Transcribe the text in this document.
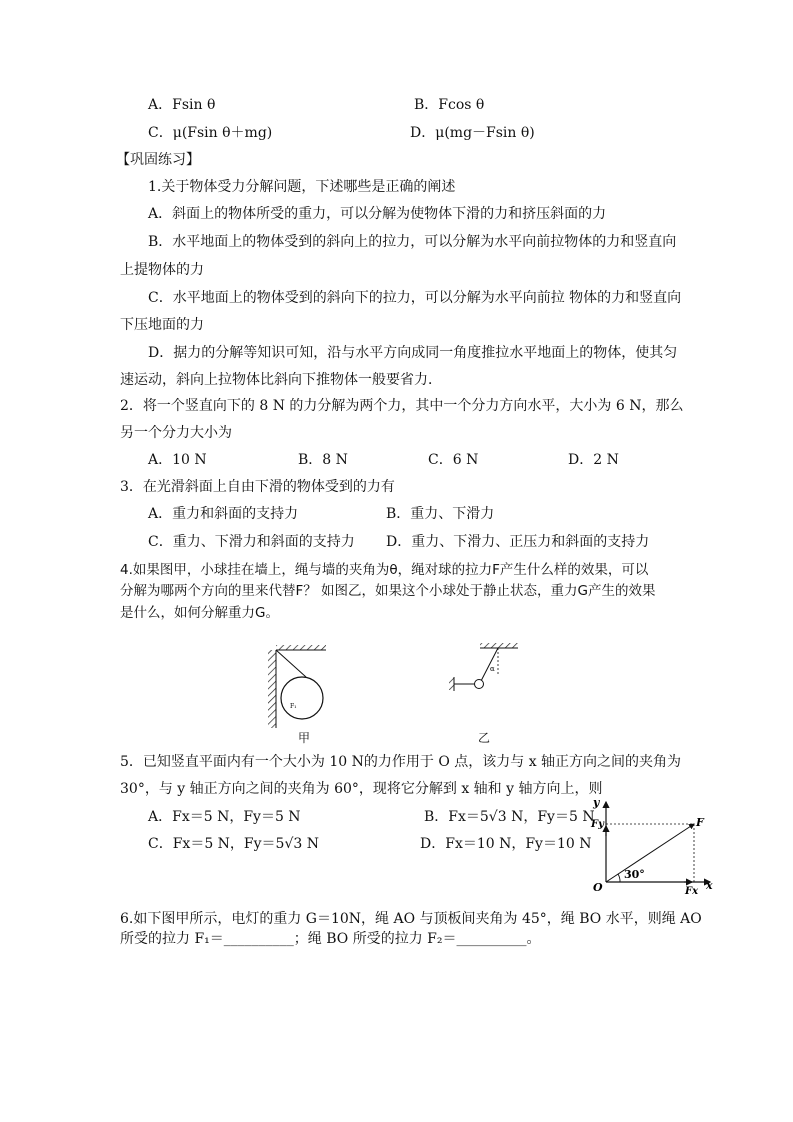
A．Fsin θ	B．Fcos θ
C．μ(Fsin θ＋mg)	D．μ(mg－Fsin θ)
【巩固练习】
1.关于物体受力分解问题，下述哪些是正确的阐述
A．斜面上的物体所受的重力，可以分解为使物体下滑的力和挤压斜面的力
B．水平地面上的物体受到的斜向上的拉力，可以分解为水平向前拉物体的力和竖直向
上提物体的力
C．水平地面上的物体受到的斜向下的拉力，可以分解为水平向前拉 物体的力和竖直向
下压地面的力
D．据力的分解等知识可知，沿与水平方向成同一角度推拉水平地面上的物体，使其匀
速运动，斜向上拉物体比斜向下推物体一般要省力．
2．将一个竖直向下的 8 N 的力分解为两个力，其中一个分力方向水平，大小为 6 N，那么
另一个分力大小为
A．10 N	B．8 N	C．6 N	D．2 N
3．在光滑斜面上自由下滑的物体受到的力有
A．重力和斜面的支持力	B．重力、下滑力
C．重力、下滑力和斜面的支持力 D．重力、下滑力、正压力和斜面的支持力
4.如果图甲，小球挂在墙上，绳与墙的夹角为θ，绳对球的拉力F产生什么样的效果，可以
分解为哪两个方向的里来代替F？ 如图乙，如果这个小球处于静止状态，重力G产生的效果
是什么，如何分解重力G。
F₁
α
甲	乙
5．已知竖直平面内有一个大小为 10 N的力作用于 O 点，该力与 x 轴正方向之间的夹角为
30°，与 y 轴正方向之间的夹角为 60°，现将它分解到 x 轴和 y 轴方向上，则
A．Fx＝5 N，Fy＝5 N	B．Fx＝5√3 N，Fy＝5 N
C．Fx＝5 N，Fy＝5√3 N	D．Fx＝10 N，Fy＝10 N
y
x
O
F
Fy
Fx
30°
6.如下图甲所示，电灯的重力 G＝10N，绳 AO 与顶板间夹角为 45°，绳 BO 水平，则绳 AO
所受的拉力 F₁＝__________；绳 BO 所受的拉力 F₂＝__________。
